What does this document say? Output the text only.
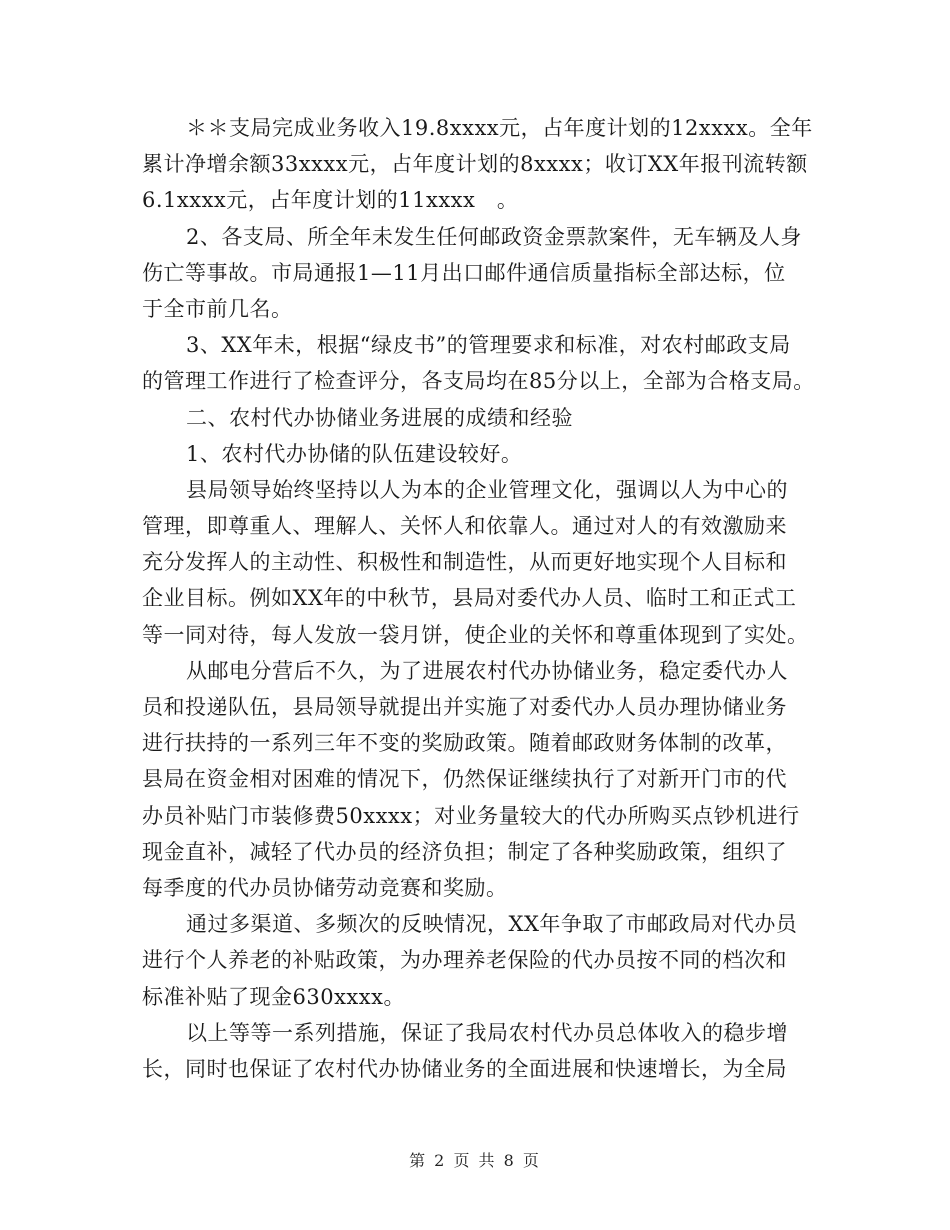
＊＊支局完成业务收入19.8xxxx元，占年度计划的12xxxx。全年
累计净增余额33xxxx元，占年度计划的8xxxx；收订XX年报刊流转额
6.1xxxx元，占年度计划的11xxxx　。
2、各支局、所全年未发生任何邮政资金票款案件，无车辆及人身
伤亡等事故。市局通报1—11月出口邮件通信质量指标全部达标，位
于全市前几名。
3、XX年未，根据“绿皮书”的管理要求和标准，对农村邮政支局
的管理工作进行了检查评分，各支局均在85分以上，全部为合格支局。
二、农村代办协储业务进展的成绩和经验
1、农村代办协储的队伍建设较好。
县局领导始终坚持以人为本的企业管理文化，强调以人为中心的
管理，即尊重人、理解人、关怀人和依靠人。通过对人的有效激励来
充分发挥人的主动性、积极性和制造性，从而更好地实现个人目标和
企业目标。例如XX年的中秋节，县局对委代办人员、临时工和正式工
等一同对待，每人发放一袋月饼，使企业的关怀和尊重体现到了实处。
从邮电分营后不久，为了进展农村代办协储业务，稳定委代办人
员和投递队伍，县局领导就提出并实施了对委代办人员办理协储业务
进行扶持的一系列三年不变的奖励政策。随着邮政财务体制的改革，
县局在资金相对困难的情况下，仍然保证继续执行了对新开门市的代
办员补贴门市装修费50xxxx；对业务量较大的代办所购买点钞机进行
现金直补，减轻了代办员的经济负担；制定了各种奖励政策，组织了
每季度的代办员协储劳动竞赛和奖励。
通过多渠道、多频次的反映情况，XX年争取了市邮政局对代办员
进行个人养老的补贴政策，为办理养老保险的代办员按不同的档次和
标准补贴了现金630xxxx。
以上等等一系列措施，保证了我局农村代办员总体收入的稳步增
长，同时也保证了农村代办协储业务的全面进展和快速增长，为全局
第 2 页 共 8 页
